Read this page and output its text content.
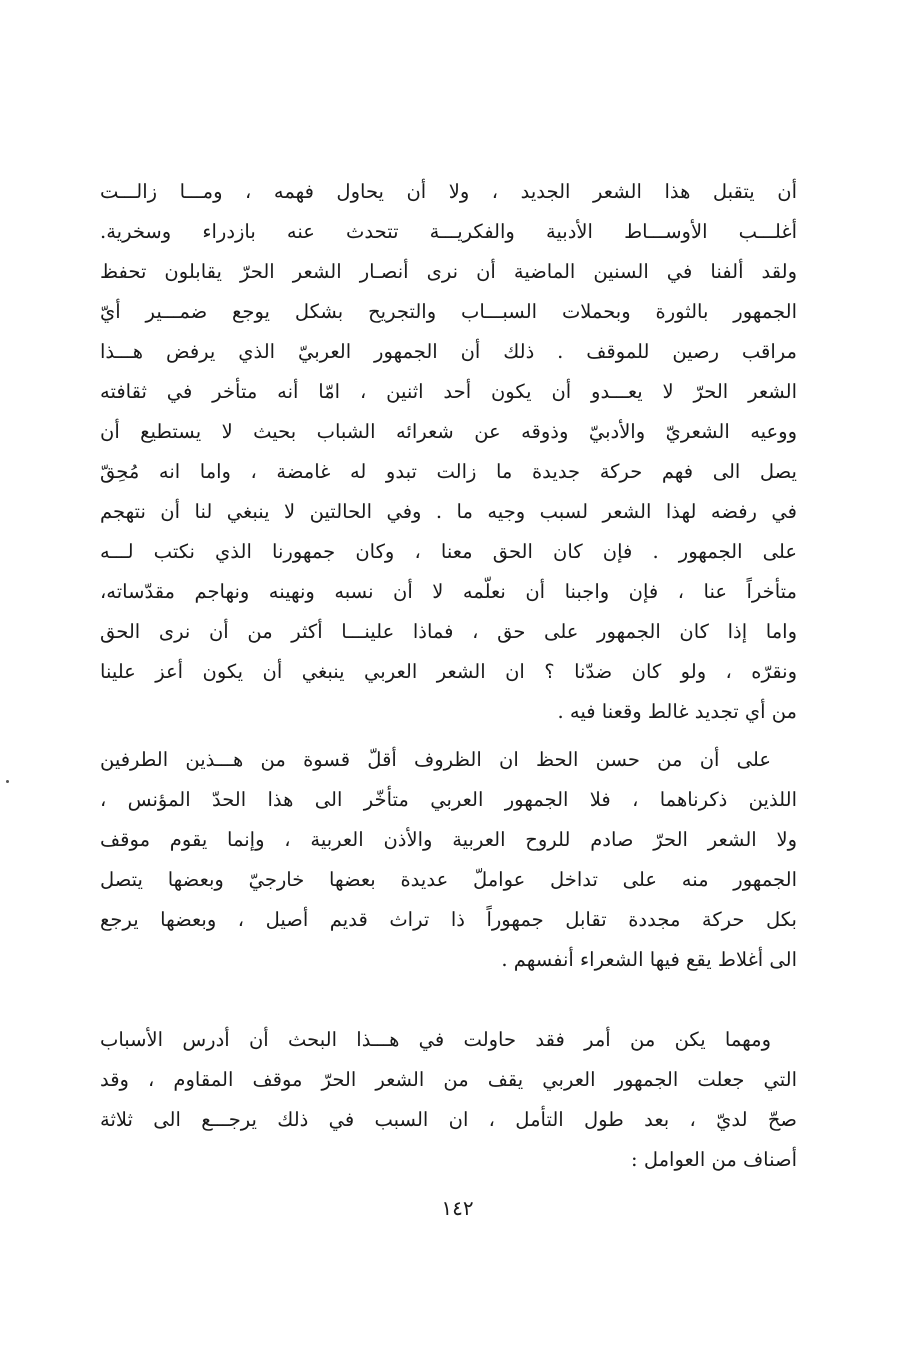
أن يتقبل هذا الشعر الجديد ، ولا أن يحاول فهمه ، ومـــا زالـــت
أغلـــب الأوســـاط الأدبية والفكريـــة تتحدث عنه بازدراء وسخرية.
ولقد ألفنا في السنين الماضية أن نرى أنصـار الشعر الحرّ يقابلون تحفظ
الجمهور بالثورة وبحملات السبـــاب والتجريح بشكل يوجع ضمـــير أيّ
مراقب رصين للموقف . ذلك أن الجمهور العربيّ الذي يرفض هـــذا
الشعر الحرّ لا يعـــدو أن يكون أحد اثنين ، امّا أنه متأخر في ثقافته
ووعيه الشعريّ والأدبيّ وذوقه عن شعرائه الشباب بحيث لا يستطيع أن
يصل الى فهم حركة جديدة ما زالت تبدو له غامضة ، واما انه مُحِقّ
في رفضه لهذا الشعر لسبب وجيه ما . وفي الحالتين لا ينبغي لنا أن نتهجم
على الجمهور . فإن كان الحق معنا ، وكان جمهورنا الذي نكتب لـــه
متأخراً عنا ، فإن واجبنا أن نعلّمه لا أن نسبه ونهينه ونهاجم مقدّساته،
واما إذا كان الجمهور على حق ، فماذا علينـــا أكثر من أن نرى الحق
ونقرّه ، ولو كان ضدّنا ؟ ان الشعر العربي ينبغي أن يكون أعز علينا
من أي تجديد غالط وقعنا فيه .
على أن من حسن الحظ ان الظروف أقلّ قسوة من هـــذين الطرفين
اللذين ذكرناهما ، فلا الجمهور العربي متأخّر الى هذا الحدّ المؤنس ،
ولا الشعر الحرّ صادم للروح العربية والأذن العربية ، وإنما يقوم موقف
الجمهور منه على تداخل عواملّ عديدة بعضها خارجيّ وبعضها يتصل
بكل حركة مجددة تقابل جمهوراً ذا تراث قديم أصيل ، وبعضها يرجع
الى أغلاط يقع فيها الشعراء أنفسهم .
ومهما يكن من أمر فقد حاولت في هـــذا البحث أن أدرس الأسباب
التي جعلت الجمهور العربي يقف من الشعر الحرّ موقف المقاوم ، وقد
صحّ لديّ ، بعد طول التأمل ، ان السبب في ذلك يرجـــع الى ثلاثة
أصناف من العوامل :
١٤٢
